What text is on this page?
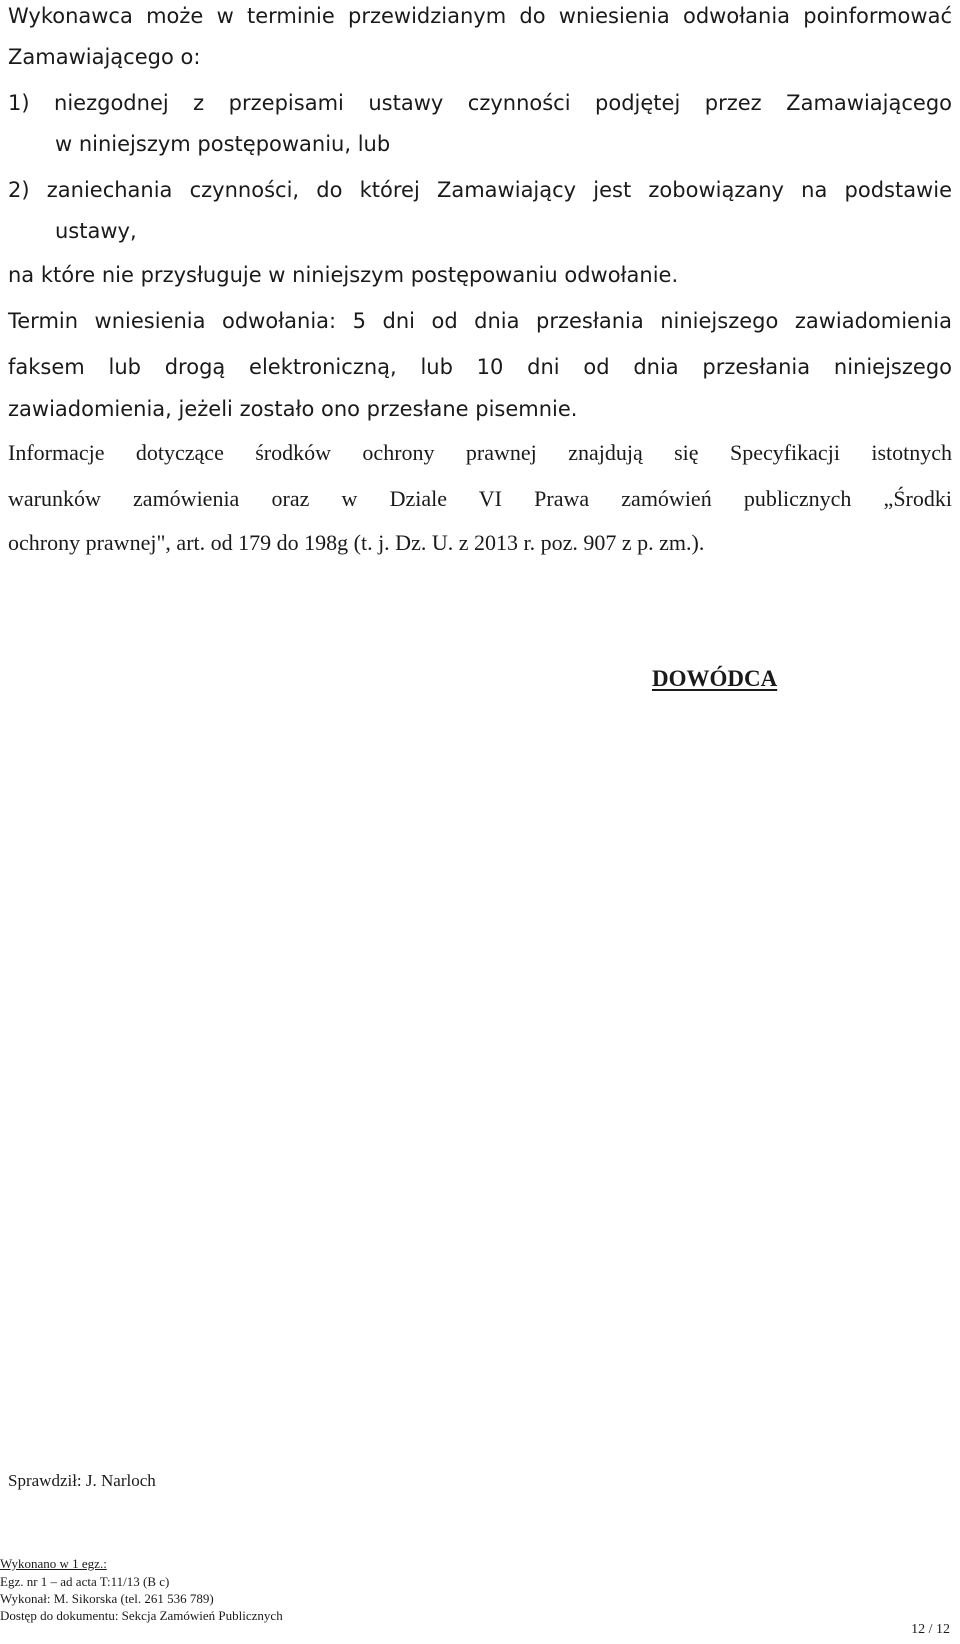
Wykonawca może w terminie przewidzianym do wniesienia odwołania poinformować
Zamawiającego o:
1) niezgodnej z przepisami ustawy czynności podjętej przez Zamawiającego
w niniejszym postępowaniu, lub
2) zaniechania czynności, do której Zamawiający jest zobowiązany na podstawie
ustawy,
na które nie przysługuje w niniejszym postępowaniu odwołanie.
Termin wniesienia odwołania: 5 dni od dnia przesłania niniejszego zawiadomienia
faksem lub drogą elektroniczną, lub 10 dni od dnia przesłania niniejszego
zawiadomienia, jeżeli zostało ono przesłane pisemnie.
Informacje dotyczące środków ochrony prawnej znajdują się Specyfikacji istotnych
warunków zamówienia oraz w Dziale VI Prawa zamówień publicznych „Środki
ochrony prawnej", art. od 179 do 198g (t. j. Dz. U. z 2013 r. poz. 907 z p. zm.).
DOWÓDCA
Sprawdził: J. Narloch
Wykonano w 1 egz.:
Egz. nr 1 – ad acta T:11/13 (B c)
Wykonał: M. Sikorska (tel. 261 536 789)
Dostęp do dokumentu: Sekcja Zamówień Publicznych
12 / 12
